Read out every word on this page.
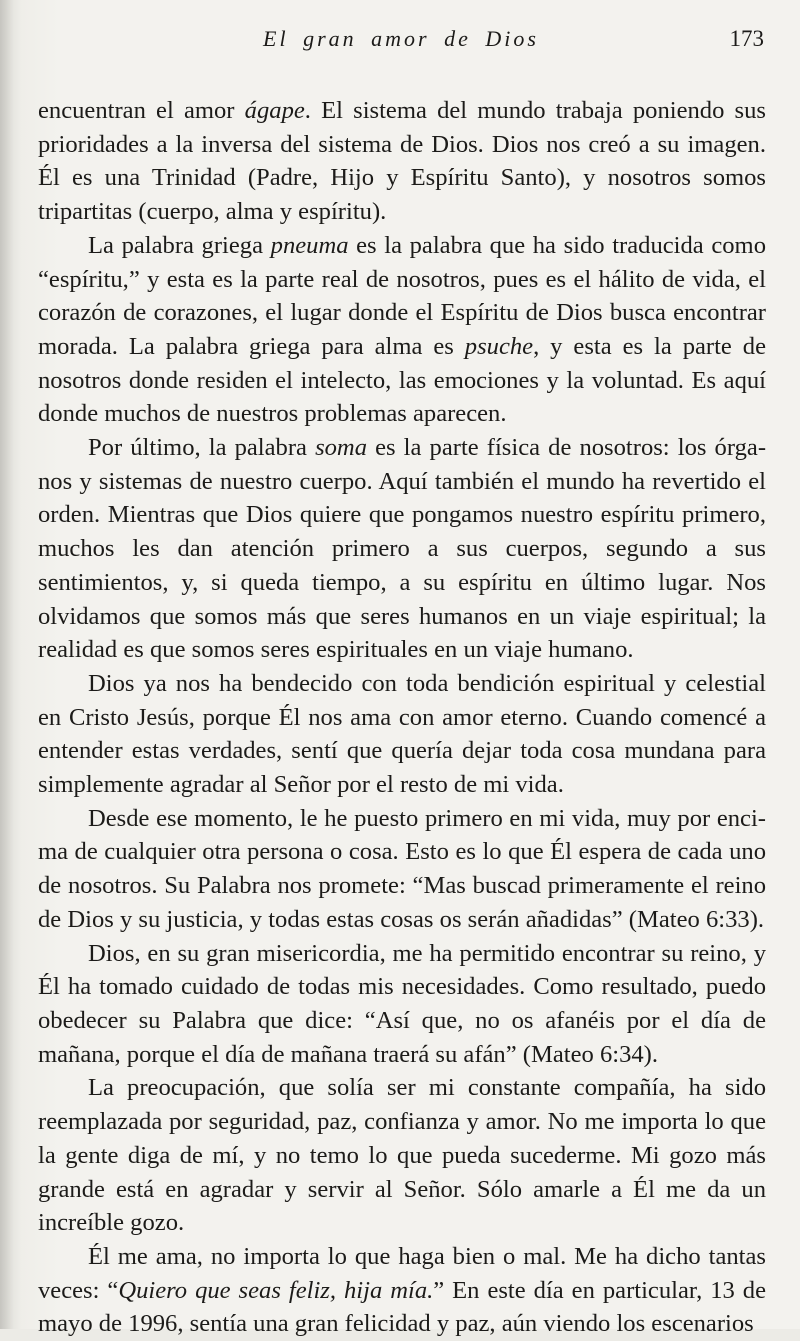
El gran amor de Dios	173

encuentran el amor ágape. El sistema del mundo trabaja poniendo sus prioridades a la inversa del sistema de Dios. Dios nos creó a su imagen. Él es una Trinidad (Padre, Hijo y Espíritu Santo), y nosotros somos tripartitas (cuerpo, alma y espíritu).

La palabra griega pneuma es la palabra que ha sido traducida como “espíritu,” y esta es la parte real de nosotros, pues es el hálito de vida, el corazón de corazones, el lugar donde el Espíritu de Dios busca encontrar morada. La palabra griega para alma es psuche, y esta es la parte de nosotros donde residen el intelecto, las emociones y la voluntad. Es aquí donde muchos de nuestros problemas aparecen.

Por último, la palabra soma es la parte física de nosotros: los órganos y sistemas de nuestro cuerpo. Aquí también el mundo ha revertido el orden. Mientras que Dios quiere que pongamos nuestro espíritu primero, muchos les dan atención primero a sus cuerpos, segundo a sus sentimientos, y, si queda tiempo, a su espíritu en último lugar. Nos olvidamos que somos más que seres humanos en un viaje espiritual; la realidad es que somos seres espirituales en un viaje humano.

Dios ya nos ha bendecido con toda bendición espiritual y celestial en Cristo Jesús, porque Él nos ama con amor eterno. Cuando comencé a entender estas verdades, sentí que quería dejar toda cosa mundana para simplemente agradar al Señor por el resto de mi vida.

Desde ese momento, le he puesto primero en mi vida, muy por encima de cualquier otra persona o cosa. Esto es lo que Él espera de cada uno de nosotros. Su Palabra nos promete: “Mas buscad primeramente el reino de Dios y su justicia, y todas estas cosas os serán añadidas” (Mateo 6:33).

Dios, en su gran misericordia, me ha permitido encontrar su reino, y Él ha tomado cuidado de todas mis necesidades. Como resultado, puedo obedecer su Palabra que dice: “Así que, no os afanéis por el día de mañana, porque el día de mañana traerá su afán” (Mateo 6:34).

La preocupación, que solía ser mi constante compañía, ha sido reemplazada por seguridad, paz, confianza y amor. No me importa lo que la gente diga de mí, y no temo lo que pueda sucederme. Mi gozo más grande está en agradar y servir al Señor. Sólo amarle a Él me da un increíble gozo.

Él me ama, no importa lo que haga bien o mal. Me ha dicho tantas veces: “Quiero que seas feliz, hija mía.” En este día en particular, 13 de mayo de 1996, sentía una gran felicidad y paz, aún viendo los escenarios
